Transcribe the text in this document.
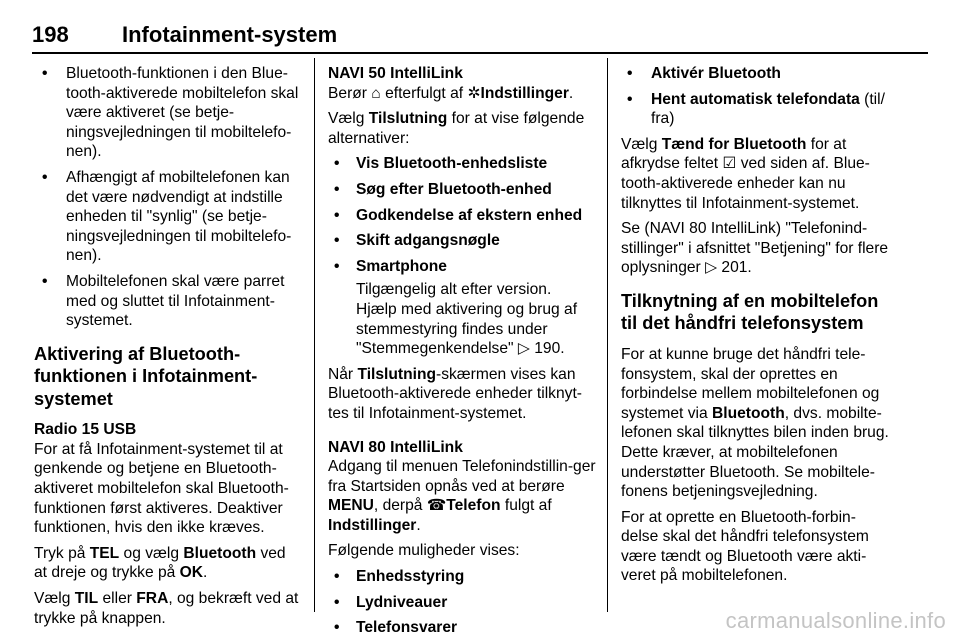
198 Infotainment-system
• Bluetooth-funktionen i den Blue-tooth-aktiverede mobiltelefon skal være aktiveret (se betje-ningsvejledningen til mobiltelefo-nen).
• Afhængigt af mobiltelefonen kan det være nødvendigt at indstille enheden til "synlig" (se betje-ningsvejledningen til mobiltelefo-nen).
• Mobiltelefonen skal være parret med og sluttet til Infotainment-systemet.
Aktivering af Bluetooth-funktionen i Infotainment-systemet
Radio 15 USB

For at få Infotainment-systemet til at genkende og betjene en Bluetooth-aktiveret mobiltelefon skal Bluetooth-funktionen først aktiveres. Deaktiver funktionen, hvis den ikke kræves.

Tryk på TEL og vælg Bluetooth ved at dreje og trykke på OK.

Vælg TIL eller FRA, og bekræft ved at trykke på knappen.

NAVI 50 IntelliLink

Berør ⌂ efterfulgt af ✲Indstillinger.

Vælg Tilslutning for at vise følgende alternativer:

• Vis Bluetooth-enhedsliste
• Søg efter Bluetooth-enhed
• Godkendelse af ekstern enhed
• Skift adgangsnøgle
• Smartphone
Tilgængelig alt efter version. Hjælp med aktivering og brug af stemmestyring findes under "Stemmegenkendelse" ▷ 190.

Når Tilslutning-skærmen vises kan Bluetooth-aktiverede enheder tilknyt-tes til Infotainment-systemet.

NAVI 80 IntelliLink

Adgang til menuen Telefonindstillin-ger fra Startsiden opnås ved at berøre MENU, derpå ☎Telefon fulgt af Indstillinger.

Følgende muligheder vises:

• Enhedsstyring
• Lydniveauer
• Telefonsvarer
• Aktivér Bluetooth
• Hent automatisk telefondata (til/ fra)

Vælg Tænd for Bluetooth for at afkrydse feltet ☑ ved siden af. Blue-tooth-aktiverede enheder kan nu tilknyttes til Infotainment-systemet.

Se (NAVI 80 IntelliLink) "Telefonind-stillinger" i afsnittet "Betjening" for flere oplysninger ▷ 201.

Tilknytning af en mobiltelefon til det håndfri telefonsystem

For at kunne bruge det håndfri tele-fonsystem, skal der oprettes en forbindelse mellem mobiltelefonen og systemet via Bluetooth, dvs. mobilte-lefonen skal tilknyttes bilen inden brug. Dette kræver, at mobiltelefonen understøtter Bluetooth. Se mobiltele-fonens betjeningsvejledning.

For at oprette en Bluetooth-forbin-delse skal det håndfri telefonsystem være tændt og Bluetooth være akti-veret på mobiltelefonen.

carmanualsonline.info
